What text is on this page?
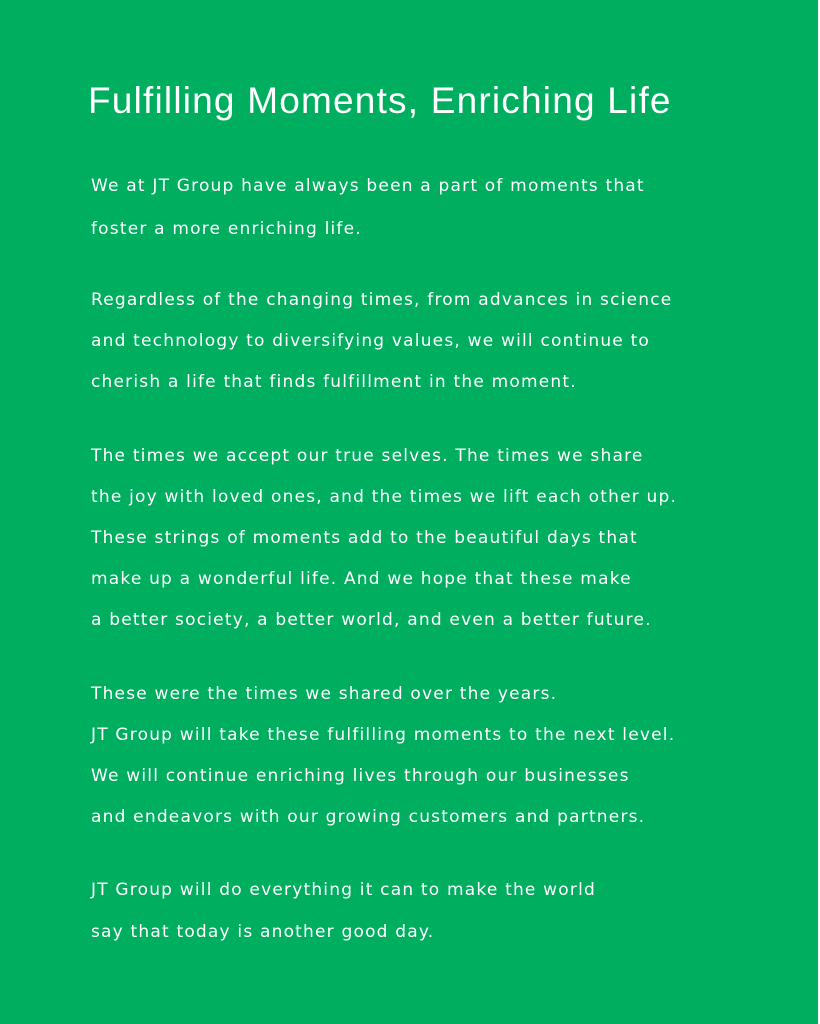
Fulfilling Moments, Enriching Life

We at JT Group have always been a part of moments that

foster a more enriching life.

Regardless of the changing times, from advances in science

and technology to diversifying values, we will continue to

cherish a life that finds fulfillment in the moment.

The times we accept our true selves. The times we share

the joy with loved ones, and the times we lift each other up.

These strings of moments add to the beautiful days that

make up a wonderful life. And we hope that these make

a better society, a better world, and even a better future.

These were the times we shared over the years.

JT Group will take these fulfilling moments to the next level.

We will continue enriching lives through our businesses

and endeavors with our growing customers and partners.

JT Group will do everything it can to make the world

say that today is another good day.
